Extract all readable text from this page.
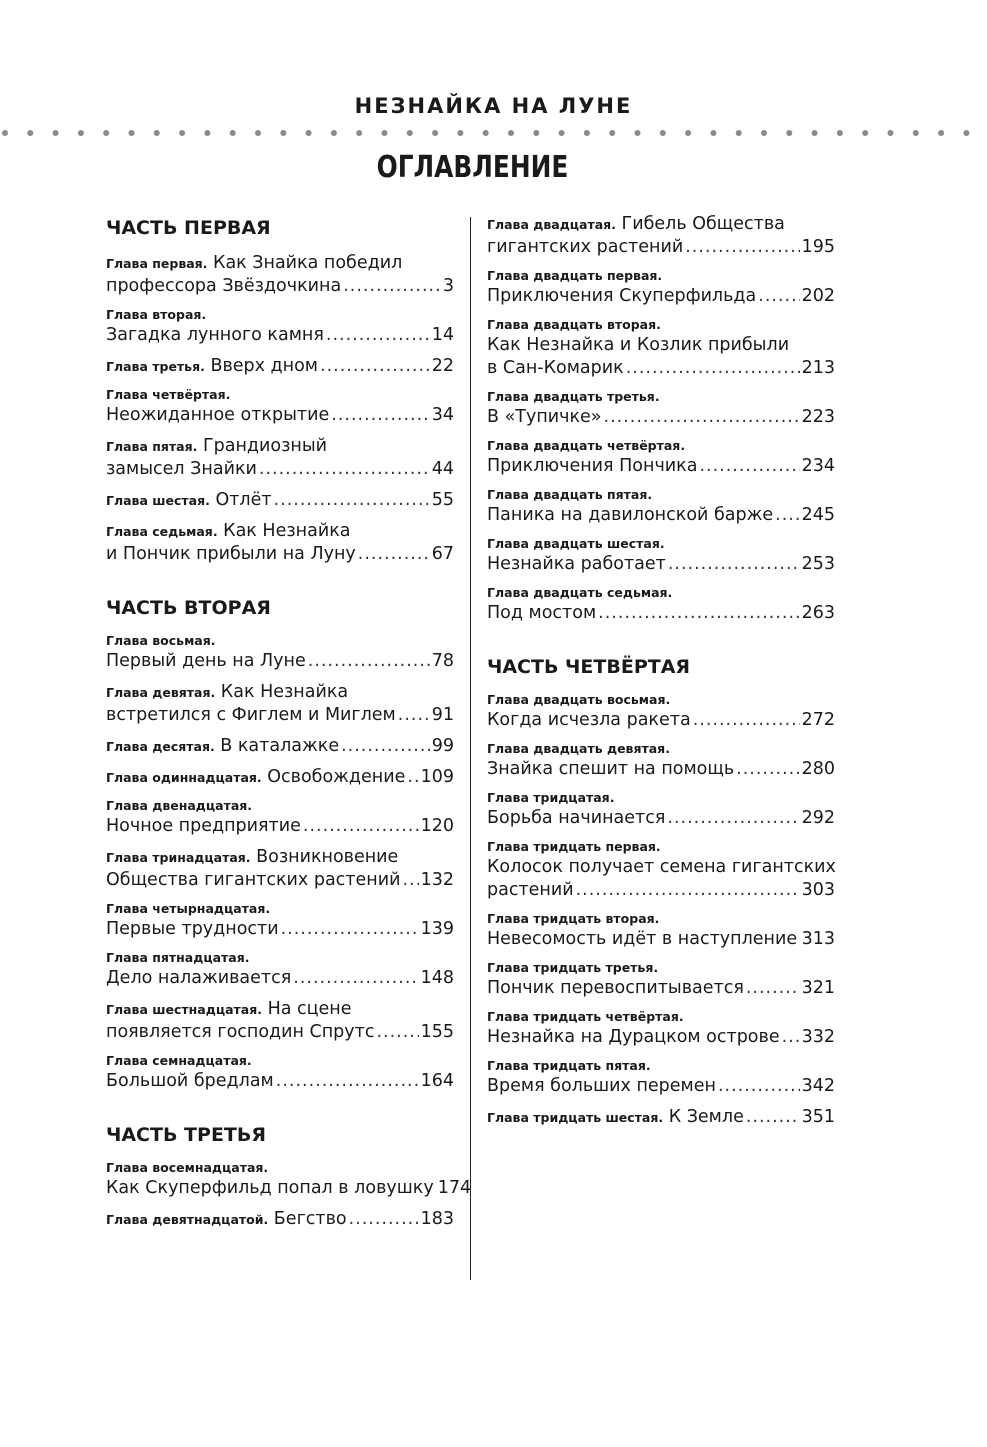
НЕЗНАЙКА НА ЛУНЕ
ОГЛАВЛЕНИЕ
ЧАСТЬ ПЕРВАЯ
Глава первая. Как Знайка победил
профессора Звёздочкина .....	3
Глава вторая.
Загадка лунного камня .....	14
Глава третья. Вверх дном .....	22
Глава четвёртая.
Неожиданное открытие .....	34
Глава пятая. Грандиозный
замысел Знайки .....	44
Глава шестая. Отлёт .....	55
Глава седьмая. Как Незнайка
и Пончик прибыли на Луну .....	67
ЧАСТЬ ВТОРАЯ
Глава восьмая.
Первый день на Луне .....	78
Глава девятая. Как Незнайка
встретился с Фиглем и Миглем ..... 91
Глава десятая. В каталажке .....	99
Глава одиннадцатая. Освобождение ..... 109
Глава двенадцатая.
Ночное предприятие .....	120
Глава тринадцатая. Возникновение
Общества гигантских растений ..... 132
Глава четырнадцатая.
Первые трудности .....	139
Глава пятнадцатая.
Дело налаживается .....	148
Глава шестнадцатая. На сцене
появляется господин Спрутс .....	155
Глава семнадцатая.
Большой бредлам .....	164
ЧАСТЬ ТРЕТЬЯ
Глава восемнадцатая.
Как Скуперфильд попал в ловушку 174
Глава девятнадцатой. Бегство .....	183
Глава двадцатая. Гибель Общества
гигантских растений .....	195
Глава двадцать первая.
Приключения Скуперфильда .....	202
Глава двадцать вторая.
Как Незнайка и Козлик прибыли
в Сан-Комарик .....	213
Глава двадцать третья.
В «Тупичке» .....	223
Глава двадцать четвёртая.
Приключения Пончика .....	234
Глава двадцать пятая.
Паника на давилонской барже ..... 245
Глава двадцать шестая.
Незнайка работает .....	253
Глава двадцать седьмая.
Под мостом .....	263
ЧАСТЬ ЧЕТВЁРТАЯ
Глава двадцать восьмая.
Когда исчезла ракета .....	272
Глава двадцать девятая.
Знайка спешит на помощь .....	280
Глава тридцатая.
Борьба начинается .....	292
Глава тридцать первая.
Колосок получает семена гигантских
растений .....	303
Глава тридцать вторая.
Невесомость идёт в наступление ..... 313
Глава тридцать третья.
Пончик перевоспитывается .....	321
Глава тридцать четвёртая.
Незнайка на Дурацком острове ..... 332
Глава тридцать пятая.
Время больших перемен .....	342
Глава тридцать шестая. К Земле .....	351
